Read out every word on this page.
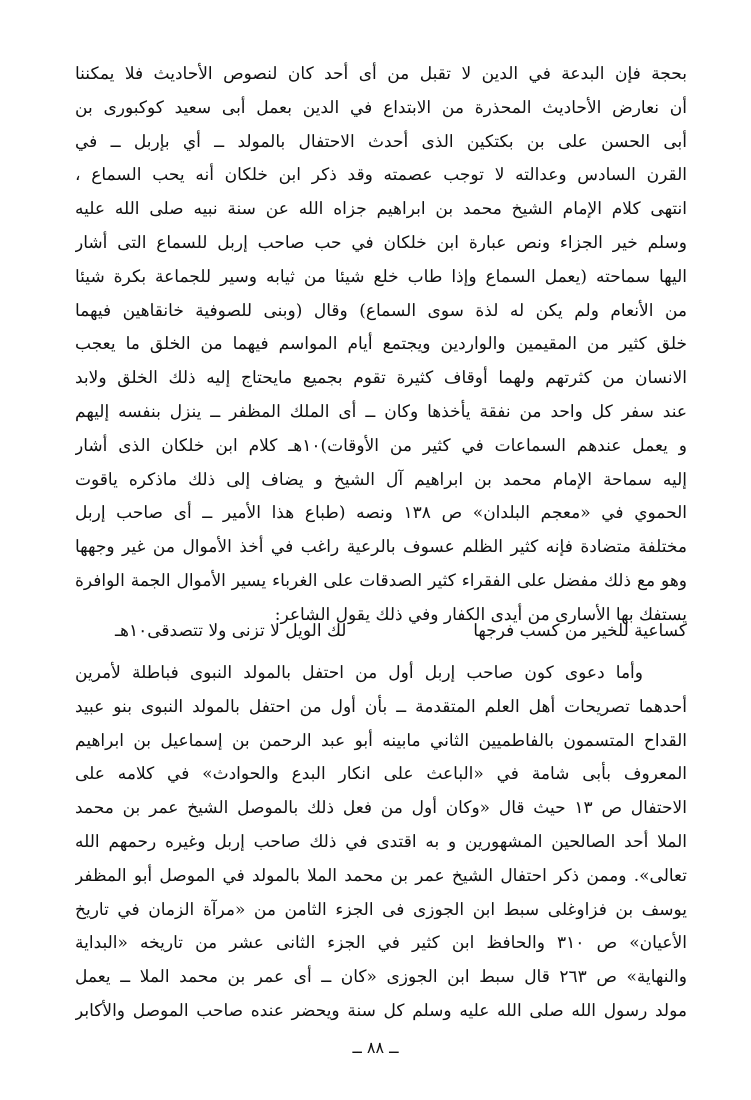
بحجة فإن البدعة في الدين لا تقبل من أى أحد كان لنصوص الأحاديث فلا يمكننا
أن نعارض الأحاديث المحذرة من الابتداع في الدين بعمل أبى سعيد كوكبورى بن
أبى الحسن على بن بكتكين الذى أحدث الاحتفال بالمولد ــ أي بإربل ــ في
القرن السادس وعدالته لا توجب عصمته وقد ذكر ابن خلكان أنه يحب السماع ،
انتهى كلام الإمام الشيخ محمد بن ابراهيم جزاه الله عن سنة نبيه صلى الله عليه
وسلم خير الجزاء ونص عبارة ابن خلكان في حب صاحب إربل للسماع التى أشار
اليها سماحته (يعمل السماع وإذا طاب خلع شيئا من ثيابه وسير للجماعة بكرة شيئا
من الأنعام ولم يكن له لذة سوى السماع) وقال (وبنى للصوفية خانقاهين فيهما
خلق كثير من المقيمين والواردين ويجتمع أيام المواسم فيهما من الخلق ما يعجب
الانسان من كثرتهم ولهما أوقاف كثيرة تقوم بجميع مايحتاج إليه ذلك الخلق ولابد
عند سفر كل واحد من نفقة يأخذها وكان ــ أى الملك المظفر ــ ينزل بنفسه إليهم
و يعمل عندهم السماعات في كثير من الأوقات)١٠هـ كلام ابن خلكان الذى أشار
إليه سماحة الإمام محمد بن ابراهيم آل الشيخ و يضاف إلى ذلك ماذكره ياقوت
الحموي في «معجم البلدان» ص ١٣٨ ونصه (طباع هذا الأمير ــ أى صاحب إربل
مختلفة متضادة فإنه كثير الظلم عسوف بالرعية راغب في أخذ الأموال من غير وجهها
وهو مع ذلك مفضل على الفقراء كثير الصدقات على الغرباء يسير الأموال الجمة الوافرة
يستفك بها الأسارى من أيدى الكفار وفي ذلك يقول الشاعر:
كساعية للخير من كسب فرجها
لك الويل لا تزنى ولا تتصدقى١٠هـ
وأما دعوى كون صاحب إربل أول من احتفل بالمولد النبوى فباطلة لأمرين
أحدهما تصريحات أهل العلم المتقدمة ــ بأن أول من احتفل بالمولد النبوى بنو عبيد
القداح المتسمون بالفاطميين الثاني مابينه أبو عبد الرحمن بن إسماعيل بن ابراهيم
المعروف بأبى شامة في «الباعث على انكار البدع والحوادث» في كلامه على
الاحتفال ص ١٣ حيث قال «وكان أول من فعل ذلك بالموصل الشيخ عمر بن محمد
الملا أحد الصالحين المشهورين و به اقتدى في ذلك صاحب إربل وغيره رحمهم الله
تعالى». وممن ذكر احتفال الشيخ عمر بن محمد الملا بالمولد في الموصل أبو المظفر
يوسف بن فزاوغلى سبط ابن الجوزى فى الجزء الثامن من «مرآة الزمان في تاريخ
الأعيان» ص ٣١٠ والحافظ ابن كثير في الجزء الثانى عشر من تاريخه «البداية
والنهاية» ص ٢٦٣ قال سبط ابن الجوزى «كان ــ أى عمر بن محمد الملا ــ يعمل
مولد رسول الله صلى الله عليه وسلم كل سنة ويحضر عنده صاحب الموصل والأكابر
ــ ٨٨ ــ
